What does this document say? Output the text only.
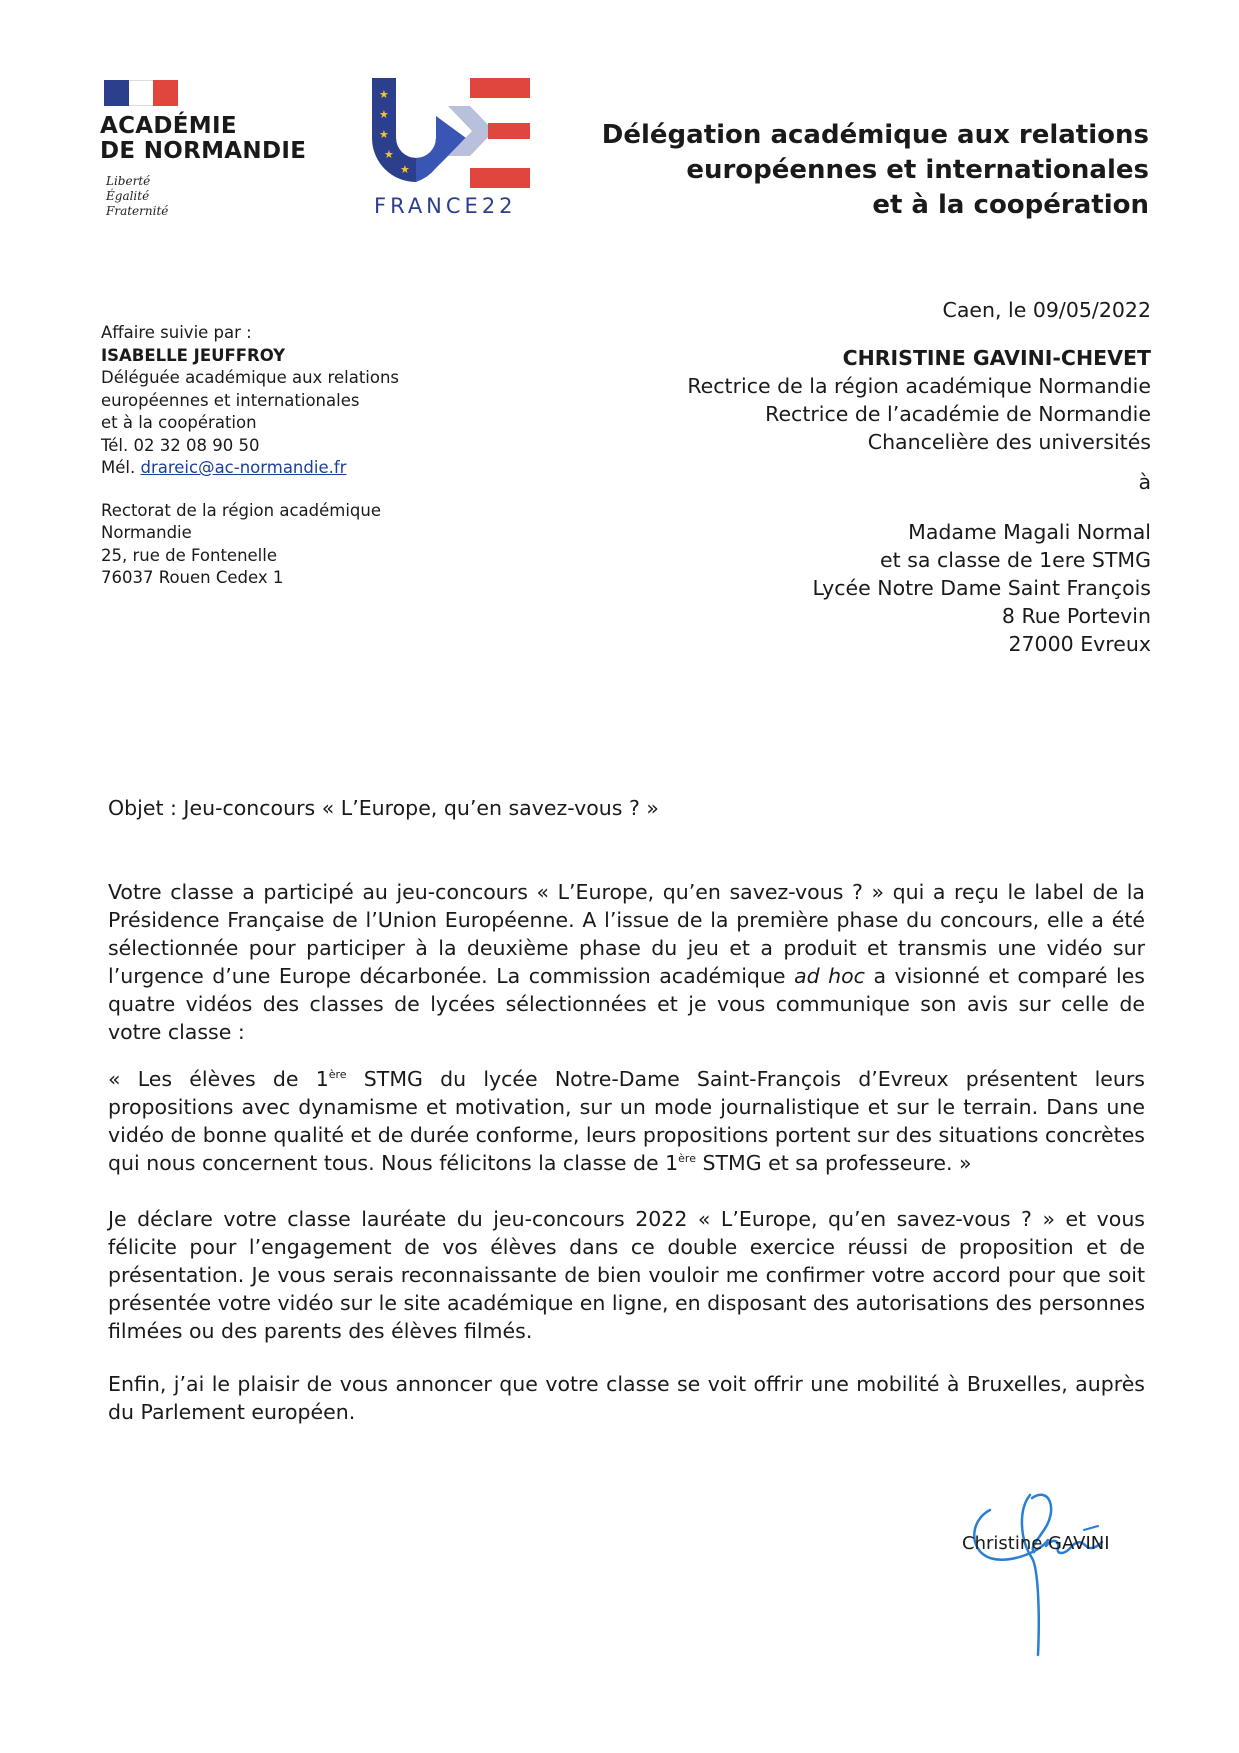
ACADÉMIE
DE NORMANDIE
Liberté
Égalité
Fraternité
★
★
★
★
★
FRANCE22
Délégation académique aux relations
européennes et internationales
et à la coopération
Affaire suivie par :
ISABELLE JEUFFROY
Déléguée académique aux relations
européennes et internationales
et à la coopération
Tél. 02 32 08 90 50
Mél. drareic@ac-normandie.fr
Rectorat de la région académique
Normandie
25, rue de Fontenelle
76037 Rouen Cedex 1
Caen, le 09/05/2022
CHRISTINE GAVINI-CHEVET
Rectrice de la région académique Normandie
Rectrice de l’académie de Normandie
Chancelière des universités
à
Madame Magali Normal
et sa classe de 1ere STMG
Lycée Notre Dame Saint François
8 Rue Portevin
27000 Evreux
Objet : Jeu-concours « L’Europe, qu’en savez-vous ? »

Votre classe a participé au jeu-concours « L’Europe, qu’en savez-vous ? » qui a reçu le label de la Présidence Française de l’Union Européenne. A l’issue de la première phase du concours, elle a été sélectionnée pour participer à la deuxième phase du jeu et a produit et transmis une vidéo sur l’urgence d’une Europe décarbonée. La commission académique ad hoc a visionné et comparé les quatre vidéos des classes de lycées sélectionnées et je vous communique son avis sur celle de votre classe :

« Les élèves de 1ère STMG du lycée Notre-Dame Saint-François d’Evreux présentent leurs propositions avec dynamisme et motivation, sur un mode journalistique et sur le terrain. Dans une vidéo de bonne qualité et de durée conforme, leurs propositions portent sur des situations concrètes qui nous concernent tous. Nous félicitons la classe de 1ère STMG et sa professeure. »

Je déclare votre classe lauréate du jeu-concours 2022 « L’Europe, qu’en savez-vous ? » et vous félicite pour l’engagement de vos élèves dans ce double exercice réussi de proposition et de présentation. Je vous serais reconnaissante de bien vouloir me confirmer votre accord pour que soit présentée votre vidéo sur le site académique en ligne, en disposant des autorisations des personnes filmées ou des parents des élèves filmés.

Enfin, j’ai le plaisir de vous annoncer que votre classe se voit offrir une mobilité à Bruxelles, auprès du Parlement européen.

Christine GAVINI
